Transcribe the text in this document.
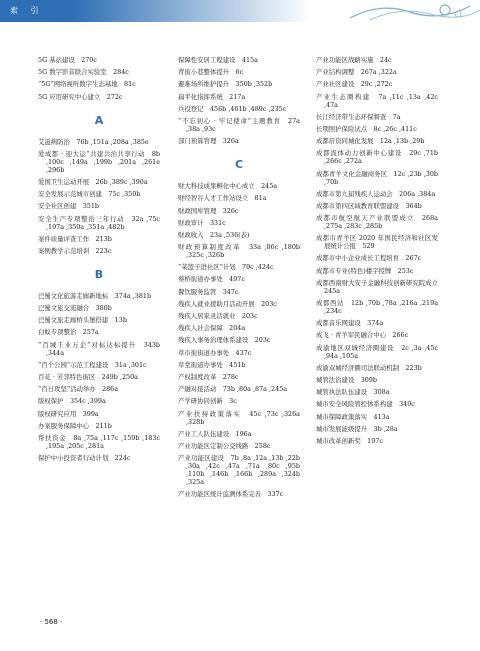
索 引
5G 基站建设　270c
5G 数字影音联合实验室　284c
“5G”网络视听数字生态基地　81c
5G 应用研究中心建立　272c
A
艾滋病防治　76b ,151a ,208a ,385e
爱成都 · 迎大运”共建共治共享行动　8b ,100c ,149a ,199b ,201a ,261e ,296b
爱国卫生运动开展　26b ,389c ,390a
安全发展示范城市创建　75c ,350b
安全社区创建　351b
安全生产专项整治三年行动　32a ,75c ,197a ,350a ,351a ,482b
案件质量评查工作　213b
案例教学示范培训　223c
B
巴蜀文化旅游走廊新地标　374a ,381b
巴蜀文旅交流融合　380b
巴蜀文旅走廊桥头堡搭建　13b
白蚁专项整治　257a
“百城千业万企”对标达标提升　343b ,344a
“百个公园”示范工程建设　31a ,301c
百花 · 芳邻特色街区　249b ,250a
“百日攻坚”活动举办　286a
版权保护　354c ,399a
版权研究应用　399a
办案服务保障中心　211b
帮扶资金　8a ,75a ,117c ,159b ,183c ,195a ,205c ,281a
保护中小投资者行动计划　224c
保障性安居工程建设　415a
背街小巷整体提升　6c
避难场所维护提升　350b ,352b
扁平化指挥系统　217a
兵役登记　456b ,461b ,489c ,235c
“不忘初心 · 牢记使命”主题教育　27a ,38a ,93c
部门预算管理　326a
C
财大科技成果孵化中心成立　245a
财经智谷人才工作站设立　81a
财政国库管理　326c
财政审计　331c
财政收入　23a ,536(表)
财政预算制度改革　33a ,86c ,180b ,325c ,326b
“菜篮子进社区”计划　79c ,424c
蔡桥街道办事处　497c
餐饮服务监管　347c
残疾人就业援助月活动开展　203c
残疾人居家灵活就业　203c
残疾人社会保障　204a
残疾人事务治理体系建设　203c
草市街街道办事处　437c
草堂街道办事处　451b
产权制度改革　278c
产融对接活动　73b ,80a ,87a ,245a
产学研协同创新　3c
产业扶持政策落实　45c ,73c ,326a ,328b
产业工人队伍建设　196a
产业功能区定制公交线路　258c
产业功能区建设　7b ,8a ,12a ,13b ,22b ,30a ,42c ,47a ,71a ,80c ,95b ,110b ,146b ,166b ,289a ,324b ,325a
产业功能区统计监测体系完善　337c
产业功能区战略实施　24c
产业结构调整　267a ,322a
产业社区建设　29c ,272c
产业生态圈构建　7a ,11c ,13a ,42c ,47a
长江经济带生态环保督查　7a
长期照护保险试点　8c ,26c ,411c
成都眉资同城化发展　12a ,13b ,29b
成都流体动力创新中心建设　29c ,71b ,266c ,272a
成都青羊文化金融商务区　12c ,23b ,30b ,70b
成都市第九届残疾人运动会　206a ,384a
成都市第四区域教育联盟建设　364b
成都市航空航天产业联盟成立　268a ,275a ,283c ,285b
成都市青羊区 2020 年国民经济和社区发展统计公报　529
成都市中小企业成长工程培育　267c
成都市专业(特色)楼宇授牌　253c
成都西南财大安子金融科技创新研究院成立　245a
成都西站　12b ,70b ,78a ,216a ,219a ,234c
成都音乐网建设　374a
成飞 · 青羊军民融合中心　266c
成渝地区双城经济圈建设　2c ,3a ,45c ,94a ,105a
成渝双城经济圈司法联动机制　223b
城管法治建设　309b
城管执法队伍建设　308a
城市安全风险管控体系构建　349c
城市保障政策落实　413a
城市发展能级提升　3b ,28a
城市改革创新奖　197c
· 568 ·
